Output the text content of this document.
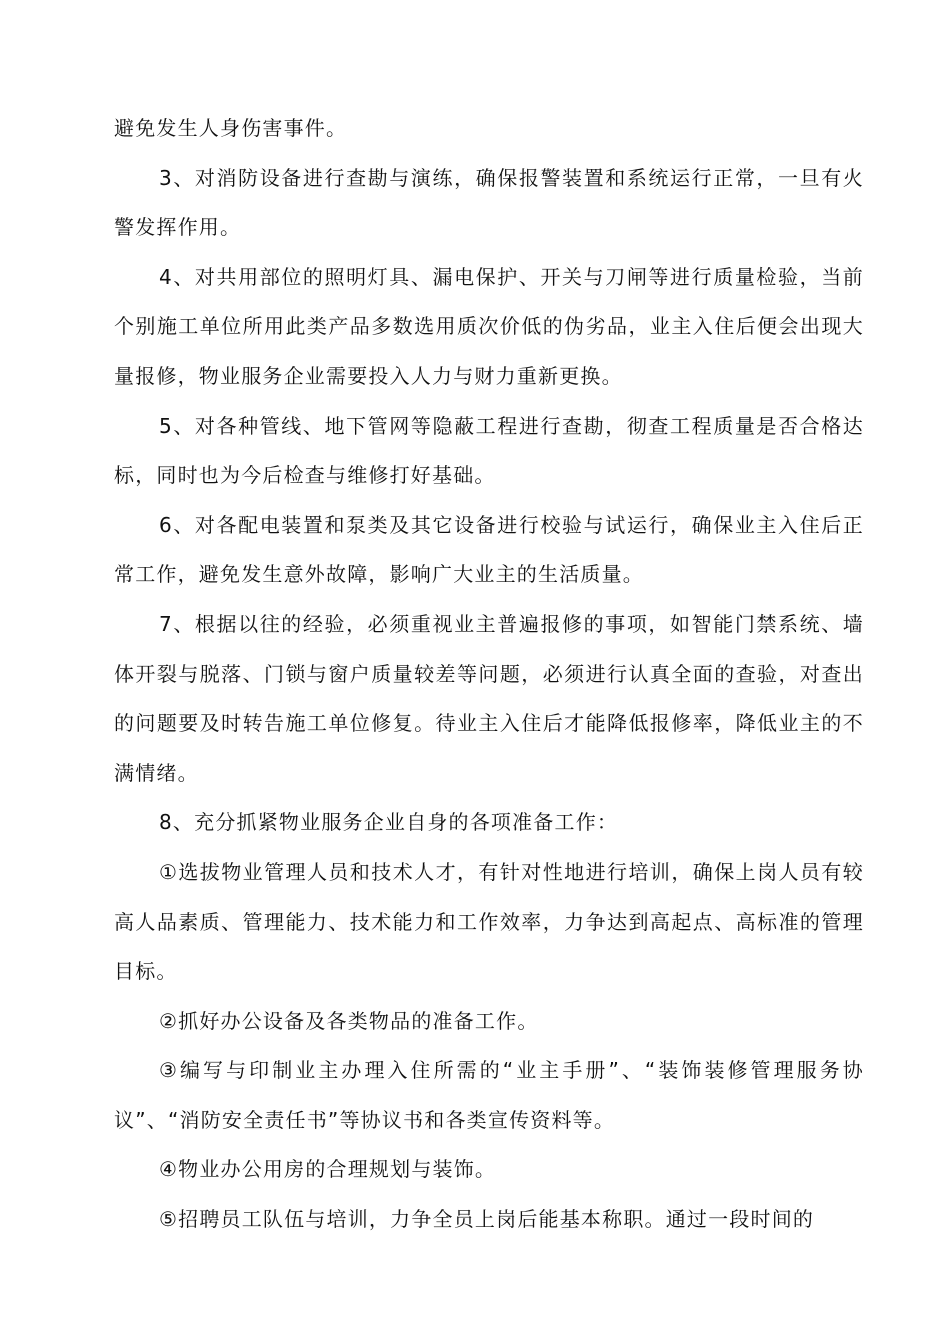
避免发生人身伤害事件。

3、对消防设备进行查勘与演练，确保报警装置和系统运行正常，一旦有火警发挥作用。

4、对共用部位的照明灯具、漏电保护、开关与刀闸等进行质量检验，当前个别施工单位所用此类产品多数选用质次价低的伪劣品，业主入住后便会出现大量报修，物业服务企业需要投入人力与财力重新更换。

5、对各种管线、地下管网等隐蔽工程进行查勘，彻查工程质量是否合格达标，同时也为今后检查与维修打好基础。

6、对各配电装置和泵类及其它设备进行校验与试运行，确保业主入住后正常工作，避免发生意外故障，影响广大业主的生活质量。

7、根据以往的经验，必须重视业主普遍报修的事项，如智能门禁系统、墙体开裂与脱落、门锁与窗户质量较差等问题，必须进行认真全面的查验，对查出的问题要及时转告施工单位修复。待业主入住后才能降低报修率，降低业主的不满情绪。

8、充分抓紧物业服务企业自身的各项准备工作：

①选拔物业管理人员和技术人才，有针对性地进行培训，确保上岗人员有较高人品素质、管理能力、技术能力和工作效率，力争达到高起点、高标准的管理目标。

②抓好办公设备及各类物品的准备工作。

③编写与印制业主办理入住所需的“业主手册”、“装饰装修管理服务协议”、“消防安全责任书”等协议书和各类宣传资料等。

④物业办公用房的合理规划与装饰。

⑤招聘员工队伍与培训，力争全员上岗后能基本称职。通过一段时间的
